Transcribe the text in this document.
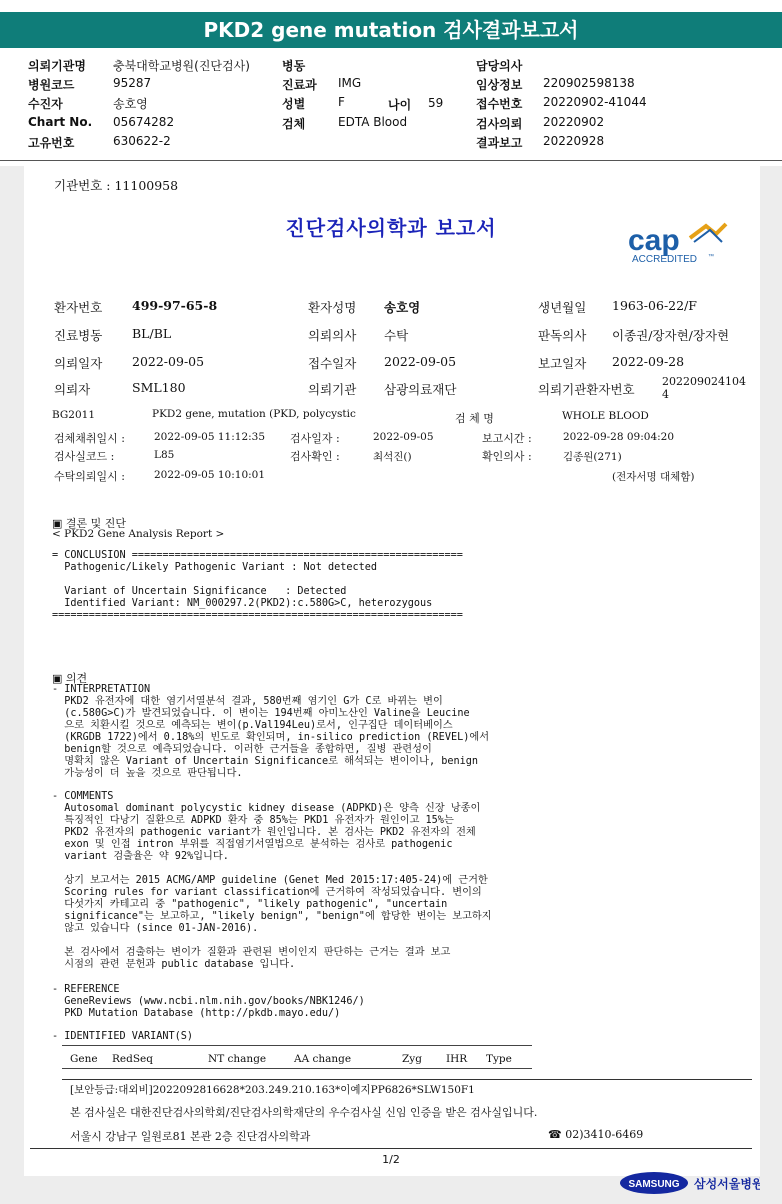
PKD2 gene mutation 검사결과보고서
나이 59
기관번호 : 11100958
진단검사의학과 보고서	cap
ACCREDITED ™
BG2011	PKD2 gene, mutation (PKD, polycystic	검 체 명	WHOLE BLOOD
▣ 결론 및 진단
< PKD2 Gene Analysis Report >
= CONCLUSION ======================================================
Pathogenic/Likely Pathogenic Variant : Not detected

Variant of Uncertain Significance   : Detected
Identified Variant: NM_000297.2(PKD2):c.580G>C, heterozygous
===================================================================
▣ 의견
- INTERPRETATION
PKD2 유전자에 대한 염기서열분석 결과, 580번째 염기인 G가 C로 바뀌는 변이
(c.580G>C)가 발견되었습니다. 이 변이는 194번째 아미노산인 Valine을 Leucine
으로 치환시킬 것으로 예측되는 변이(p.Val194Leu)로서, 인구집단 데이터베이스
(KRGDB 1722)에서 0.18%의 빈도로 확인되며, in-silico prediction (REVEL)에서
benign할 것으로 예측되었습니다. 이러한 근거들을 종합하면, 질병 관련성이
명확치 않은 Variant of Uncertain Significance로 해석되는 변이이나, benign
가능성이 더 높을 것으로 판단됩니다.
- COMMENTS
Autosomal dominant polycystic kidney disease (ADPKD)은 양측 신장 낭종이
특징적인 다낭기 질환으로 ADPKD 환자 중 85%는 PKD1 유전자가 원인이고 15%는
PKD2 유전자의 pathogenic variant가 원인입니다. 본 검사는 PKD2 유전자의 전체
exon 및 인접 intron 부위를 직접염기서열법으로 분석하는 검사로 pathogenic
variant 검출율은 약 92%입니다.

상기 보고서는 2015 ACMG/AMP guideline (Genet Med 2015:17:405-24)에 근거한
Scoring rules for variant classification에 근거하여 작성되었습니다. 변이의
다섯가지 카테고리 중 "pathogenic", "likely pathogenic", "uncertain
significance"는 보고하고, "likely benign", "benign"에 합당한 변이는 보고하지
않고 있습니다 (since 01-JAN-2016).

본 검사에서 검출하는 변이가 질환과 관련된 변이인지 판단하는 근거는 결과 보고
시점의 관련 문헌과 public database 입니다.
- REFERENCE
GeneReviews (www.ncbi.nlm.nih.gov/books/NBK1246/)
PKD Mutation Database (http://pkdb.mayo.edu/)
- IDENTIFIED VARIANT(S)
[보안등급:대외비]2022092816628*203.249.210.163*이예지PP6826*SLW150F1
본 검사실은 대한진단검사의학회/진단검사의학재단의 우수검사실 신임 인증을 받은 검사실입니다.
서울시 강남구 일원로81 본관 2층 진단검사의학과	☎ 02)3410-6469
1/2
SAMSUNG 삼성서울병원
의뢰기관명 충북대학교병원(진단검사)	병동	담당의사
병원코드	95287	진료과 IMG	임상정보 220902598138
수진자	송호영	성별	F	접수번호 20220902-41044
Chart No. 05674282	검체	EDTA Blood	검사의뢰 20220902
고유번호	630622-2	결과보고 20220928
환자번호 499-97-65-8	환자성명 송호영	생년월일 1963-06-22/F
진료병동 BL/BL	의뢰의사 수탁	판독의사 이종권/장자현/장자현
의뢰일자 2022-09-05	접수일자 2022-09-05	보고일자 2022-09-28
의뢰자	SML180	의뢰기관 삼광의료재단	의뢰기관환자번호
202209024104
4
검체채취일시 :	2022-09-05 11:12:35 검사일자 :	2022-09-05	보고시간 :	2022-09-28 09:04:20
검사실코드 :	L85	검사확인 :	최석진()	확인의사 :	김종원(271)
수탁의뢰일시 :	2022-09-05 10:10:01	(전자서명 대체함)
Gene RedSeq	NT change	AA change	Zyg IHR Type
